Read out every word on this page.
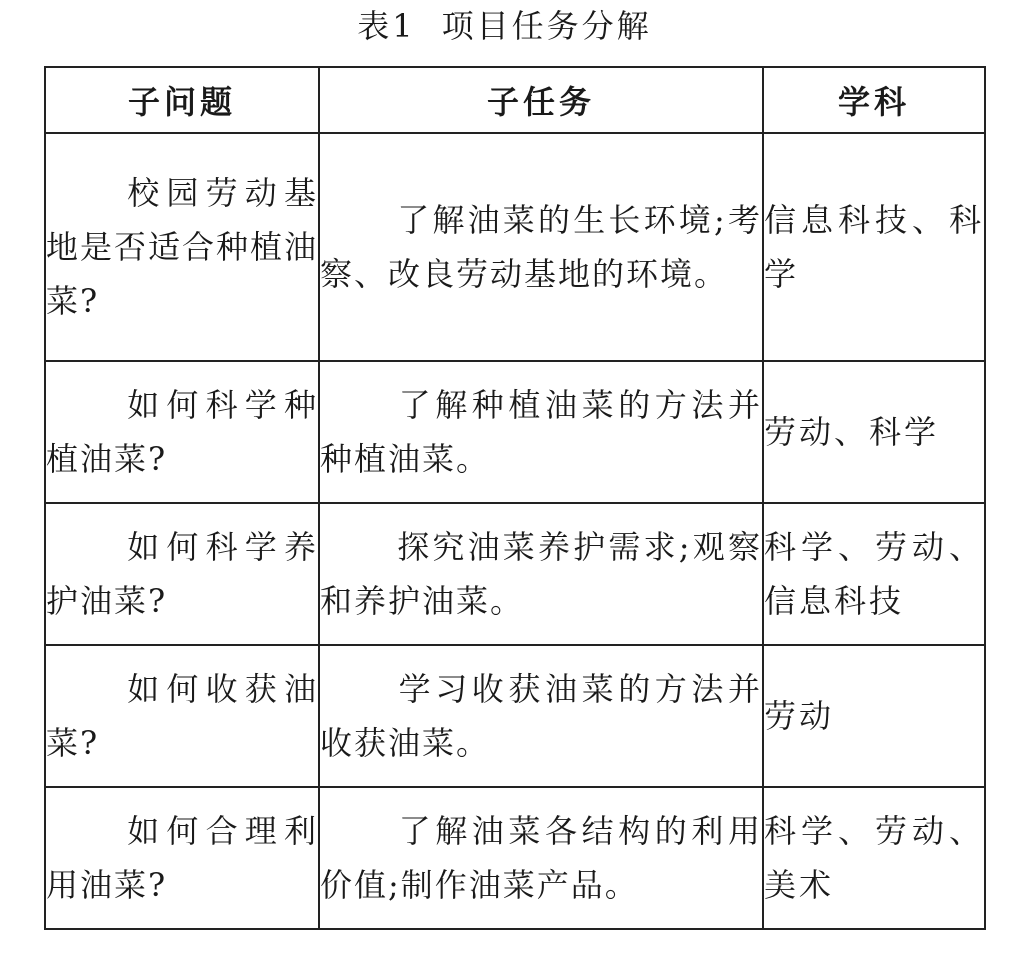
表1 项目任务分解
子问题	子任务	学科
校园劳动基地是否适合种植油菜?	了解油菜的生长环境;考察、改良劳动基地的环境。	信息科技、科学
如何科学种植油菜?	了解种植油菜的方法并种植油菜。	劳动、科学
如何科学养护油菜?	探究油菜养护需求;观察和养护油菜。	科学、劳动、信息科技
如何收获油菜?	学习收获油菜的方法并收获油菜。	劳动
如何合理利用油菜?	了解油菜各结构的利用价值;制作油菜产品。	科学、劳动、美术
